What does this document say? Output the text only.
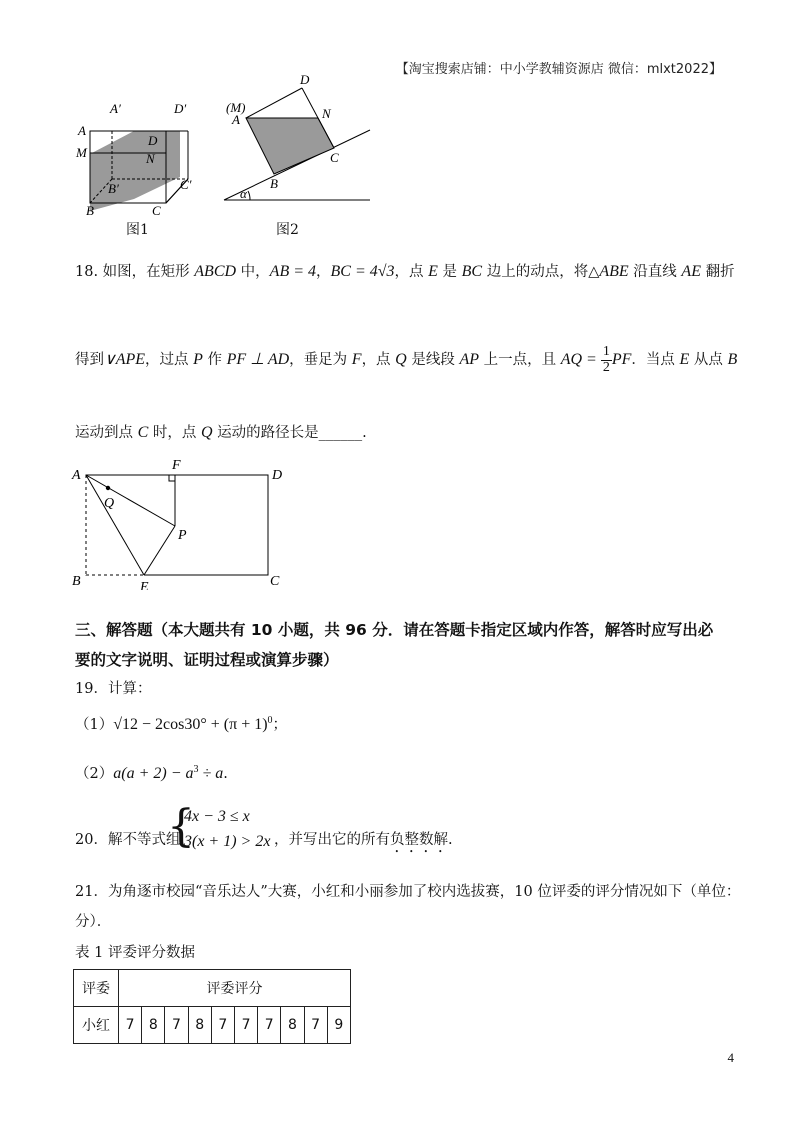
【淘宝搜索店铺：中小学教辅资源店 微信：mlxt2022】
A′	D′
A
D
M	N
B′	C′
B	C
图1
D
(M)
A	N
C
B
α
图2
18. 如图，在矩形 ABCD 中，AB = 4，BC = 4√3，点 E 是 BC 边上的动点，将△ABE 沿直线 AE 翻折
得到∨APE，过点 P 作 PF ⊥ AD，垂足为 F，点 Q 是线段 AP 上一点，且 AQ = $\frac{1}{2}$ PF．当点 E 从点 B
运动到点 C 时，点 Q 运动的路径长是______.
A
F
D
Q
P
B	E	C
三、解答题（本大题共有 10 小题，共 96 分．请在答题卡指定区域内作答，解答时应写出必
要的文字说明、证明过程或演算步骤）
19．计算：
$(1)√12 - 2\cos 30^\circ + (\pi + 1)^0$；
$(2)a(a + 2) - a^3 \div a$.
20．解不等式组
{
4x − 3 ≤ x
3(x + 1) > 2x ，并写出它的所有负整数解.
21．为角逐市校园“音乐达人”大赛，小红和小丽参加了校内选拔赛，10 位评委的评分情况如下（单位：
分）．
表 1 评委评分数据
评委	评委评分									
小红	7	8	7	8	7	7	7	8	7	9
4
